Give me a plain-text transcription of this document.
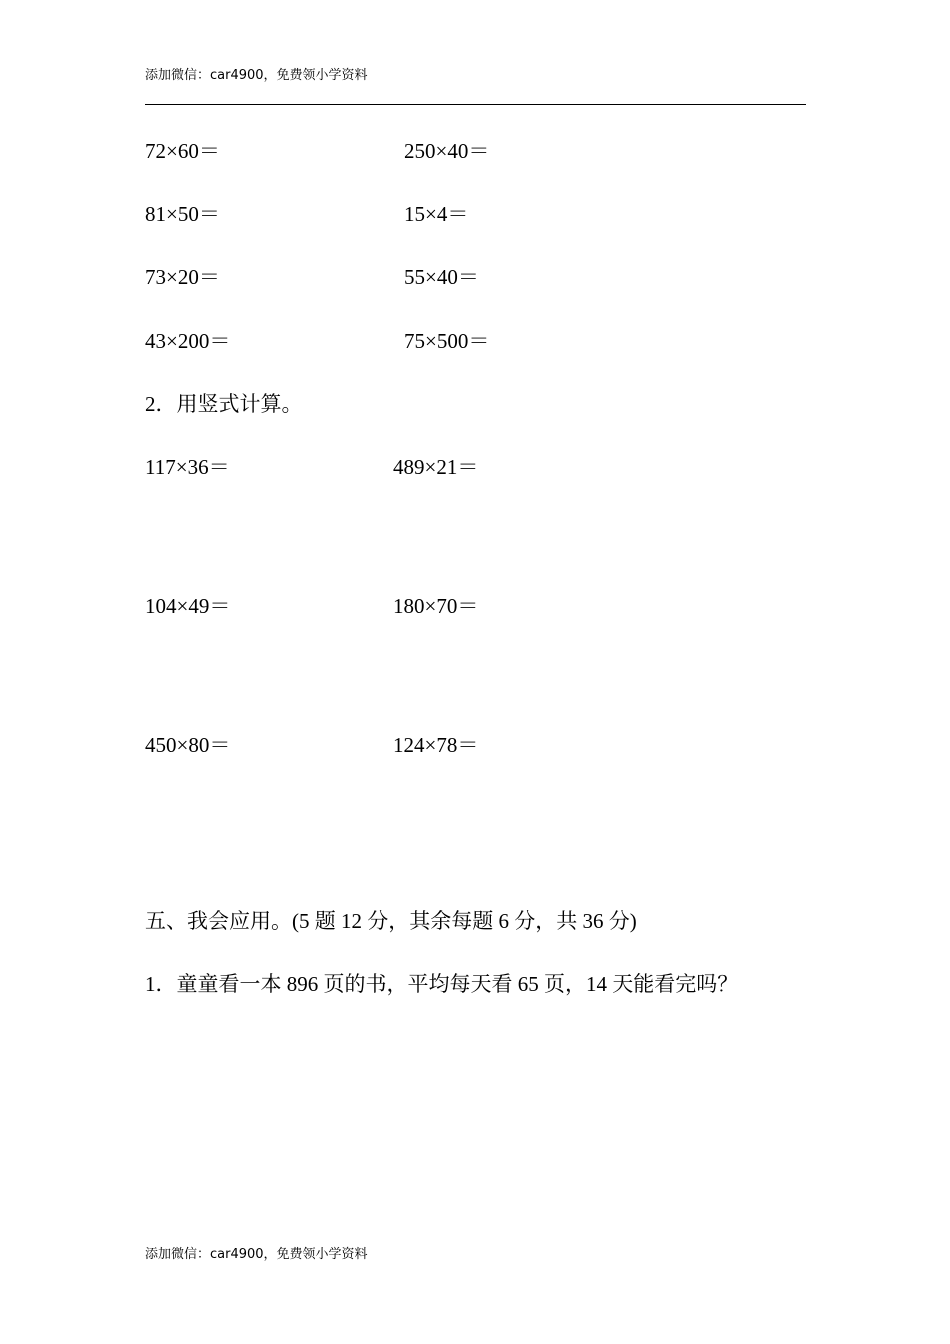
添加微信：car4900，免费领小学资料
72×60＝	250×40＝
81×50＝	15×4＝
73×20＝	55×40＝
43×200＝	75×500＝
2．用竖式计算。
117×36＝	489×21＝
104×49＝	180×70＝
450×80＝	124×78＝
五、我会应用。(5 题 12 分，其余每题 6 分，共 36 分)
1．童童看一本 896 页的书，平均每天看 65 页，14 天能看完吗？
添加微信：car4900，免费领小学资料
